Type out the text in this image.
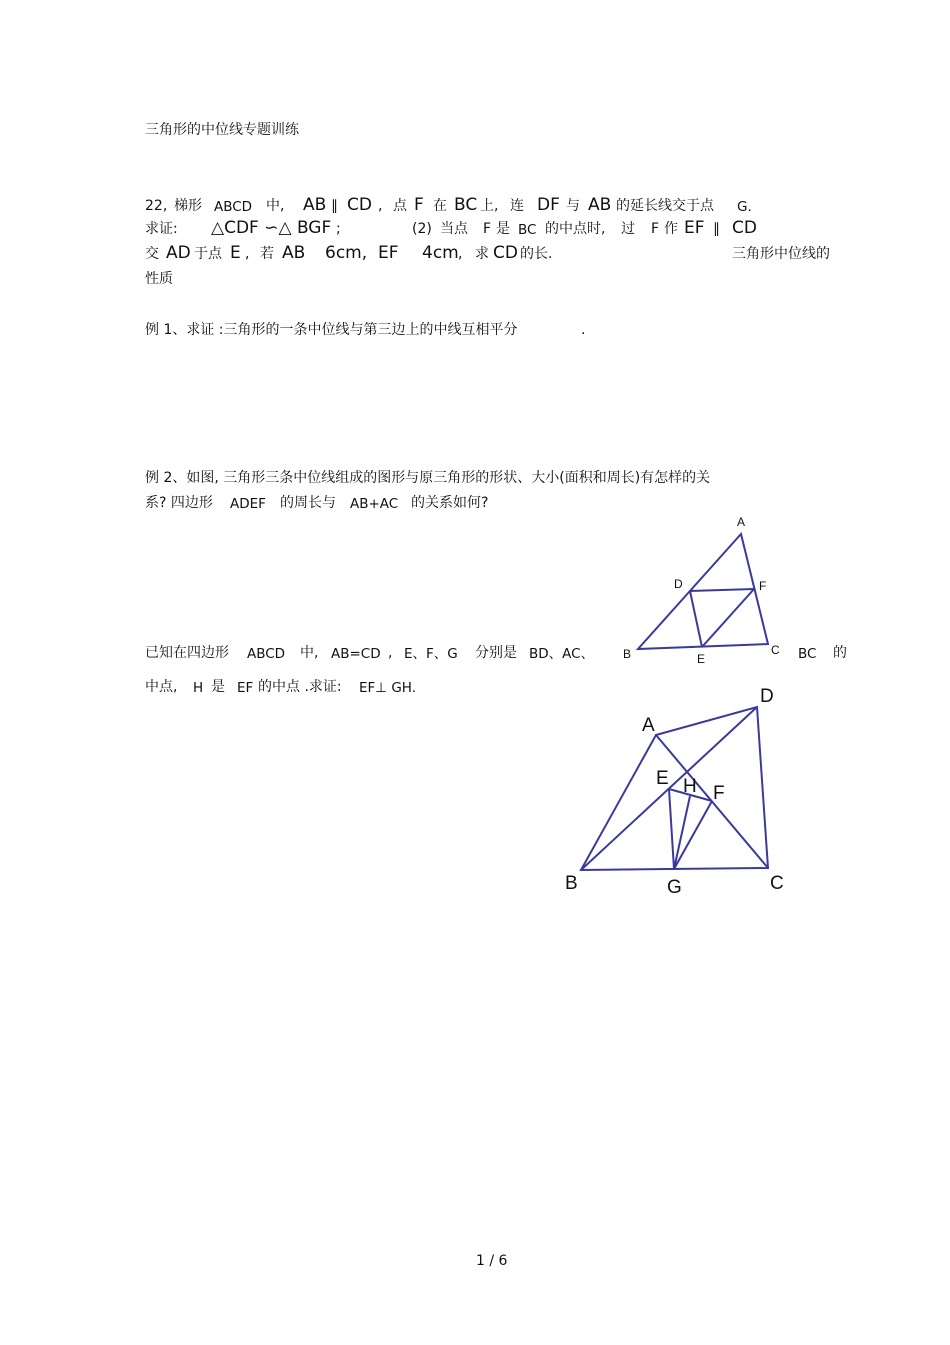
三角形的中位线专题训练
22, 梯形 ABCD 中, AB ∥ CD , 点 F 在 BC 上, 连 DF 与 AB 的延长线交于点 G.
求证: △CDF ∽△ BGF ;	(2) 当点 F 是 BC 的中点时, 过 F 作 EF ∥ CD
交 AD 于点 E , 若 AB 6cm, EF 4cm , 求 CD 的长.	三角形中位线的
性质
例 1、求证 :三角形的一条中位线与第三边上的中线互相平分	.
例 2、如图, 三角形三条中位线组成的图形与原三角形的形状、大小(面积和周长)有怎样的关
系? 四边形 ADEF 的周长与 AB+AC 的关系如何?
已知在四边形 ABCD 中, AB=CD , E、F、G 分别是 BD、AC、	BC 的
中点, H 是 EF 的中点 .求证: EF⊥ GH.
A
D	F
B	E
C
A
D
E H F
B	G	C
1 / 6
